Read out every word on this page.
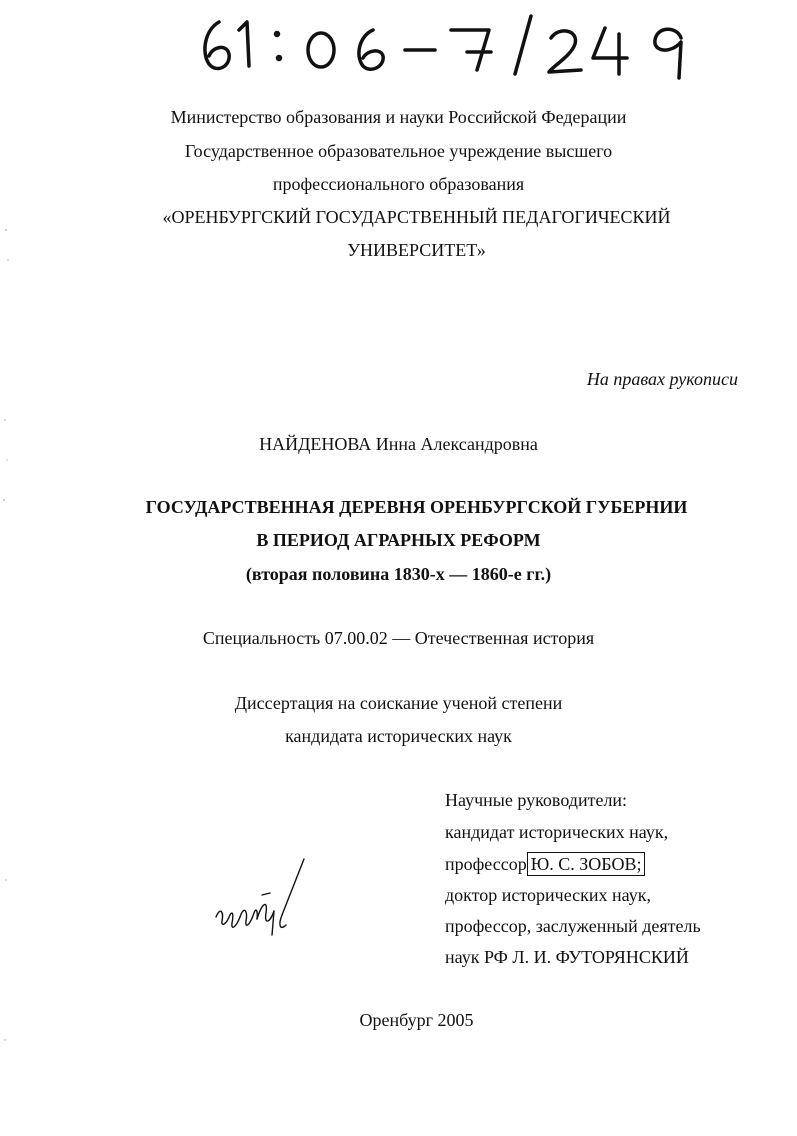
Министерство образования и науки Российской Федерации
Государственное образовательное учреждение высшего
профессионального образования
«ОРЕНБУРГСКИЙ ГОСУДАРСТВЕННЫЙ ПЕДАГОГИЧЕСКИЙ
УНИВЕРСИТЕТ»
На правах рукописи
НАЙДЕНОВА Инна Александровна
ГОСУДАРСТВЕННАЯ ДЕРЕВНЯ ОРЕНБУРГСКОЙ ГУБЕРНИИ
В ПЕРИОД АГРАРНЫХ РЕФОРМ
(вторая половина 1830-х — 1860-е гг.)
Специальность 07.00.02 — Отечественная история
Диссертация на соискание ученой степени
кандидата исторических наук
Научные руководители:
кандидат исторических наук,
профессор Ю. С. ЗОБОВ;
доктор исторических наук,
профессор, заслуженный деятель
наук РФ Л. И. ФУТОРЯНСКИЙ
Оренбург 2005
